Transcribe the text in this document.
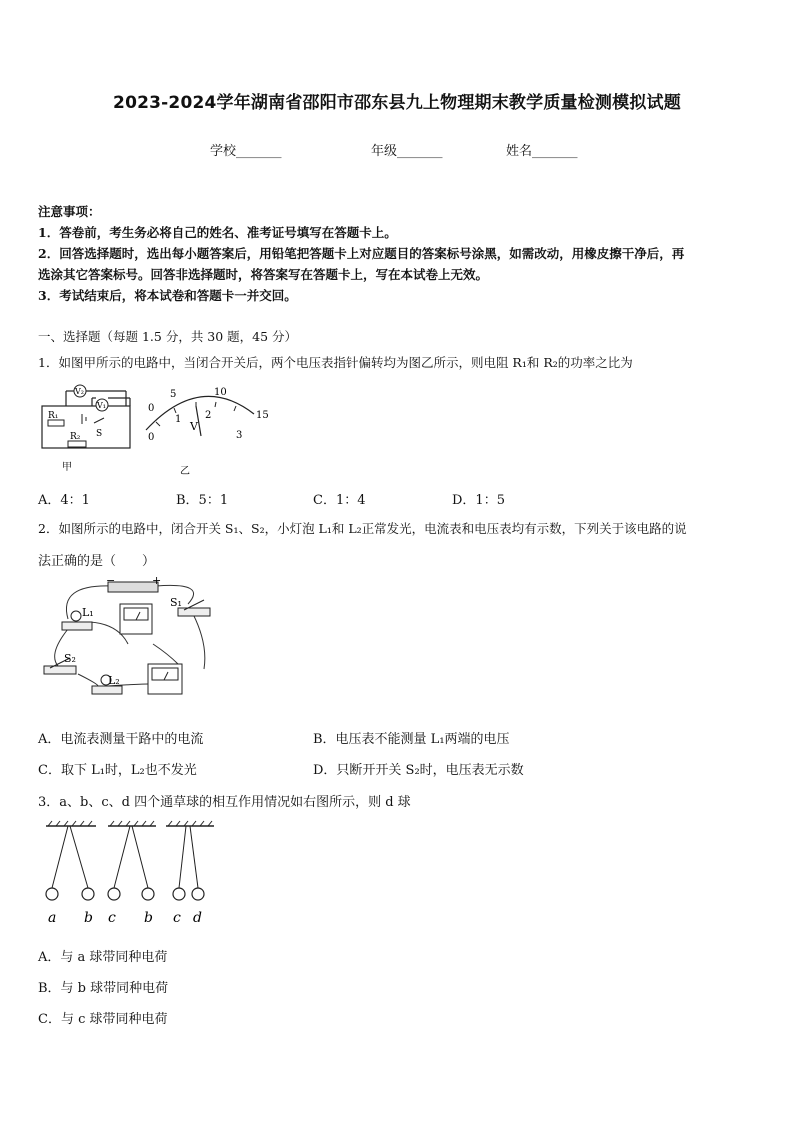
2023-2024学年湖南省邵阳市邵东县九上物理期末教学质量检测模拟试题
学校_______	年级_______	姓名_______
注意事项：
1．答卷前，考生务必将自己的姓名、准考证号填写在答题卡上。
2．回答选择题时，选出每小题答案后，用铅笔把答题卡上对应题目的答案标号涂黑，如需改动，用橡皮擦干净后，再
选涂其它答案标号。回答非选择题时，将答案写在答题卡上，写在本试卷上无效。
3．考试结束后，将本试卷和答题卡一并交回。
一、选择题（每题 1.5 分，共 30 题，45 分）
1．如图甲所示的电路中，当闭合开关后，两个电压表指针偏转均为图乙所示，则电阻 R₁和 R₂的功率之比为
V₂
V₁
R₁
R₂ S
甲
0
5	10
15
0
1 2
3
V
乙
A．4：1	B．5：1	C．1：4	D．1：5
2．如图所示的电路中，闭合开关 S₁、S₂，小灯泡 L₁和 L₂正常发光，电流表和电压表均有示数，下列关于该电路的说
法正确的是（　　）
−	+
L₁
L₂
S₁
S₂
A．电流表测量干路中的电流	B．电压表不能测量 L₁两端的电压
C．取下 L₁时，L₂也不发光	D．只断开开关 S₂时，电压表无示数
3．a、b、c、d 四个通草球的相互作用情况如右图所示，则 d 球
a b c b c d
A．与 a 球带同种电荷
B．与 b 球带同种电荷
C．与 c 球带同种电荷
